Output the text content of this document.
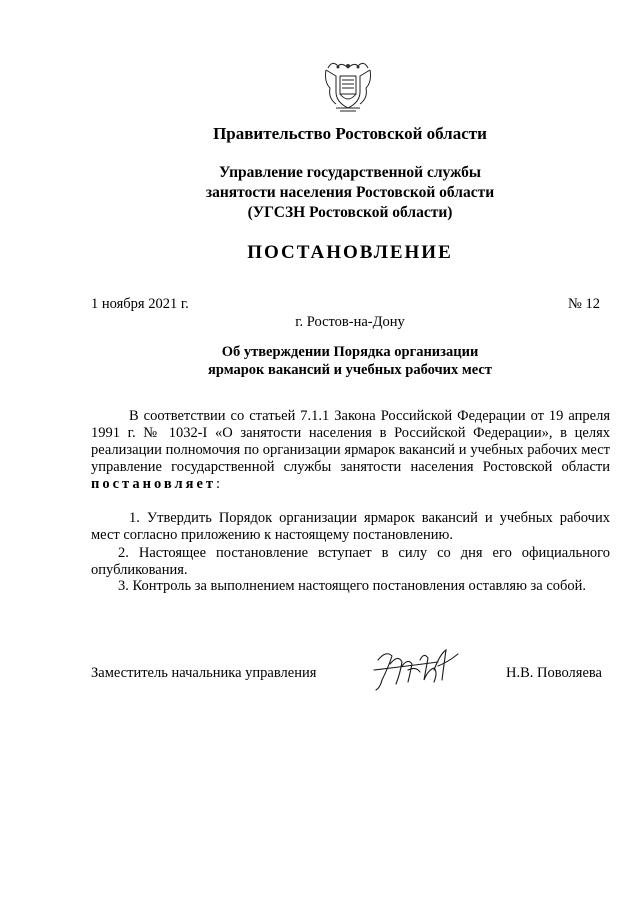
Правительство Ростовской области
Управление государственной службы
занятости населения Ростовской области
(УГСЗН Ростовской области)
ПОСТАНОВЛЕНИЕ
1 ноября 2021 г.	№ 12
г. Ростов-на-Дону
Об утверждении Порядка организации
ярмарок вакансий и учебных рабочих мест
В соответствии со статьей 7.1.1 Закона Российской Федерации от 19 апреля 1991 г. № 1032-I «О занятости населения в Российской Федерации», в целях реализации полномочия по организации ярмарок вакансий и учебных рабочих мест управление государственной службы занятости населения Ростовской области постановляет:
1. Утвердить Порядок организации ярмарок вакансий и учебных рабочих мест согласно приложению к настоящему постановлению.
2. Настоящее постановление вступает в силу со дня его официального опубликования.
3. Контроль за выполнением настоящего постановления оставляю за собой.
Заместитель начальника управления	Н.В. Поволяева
